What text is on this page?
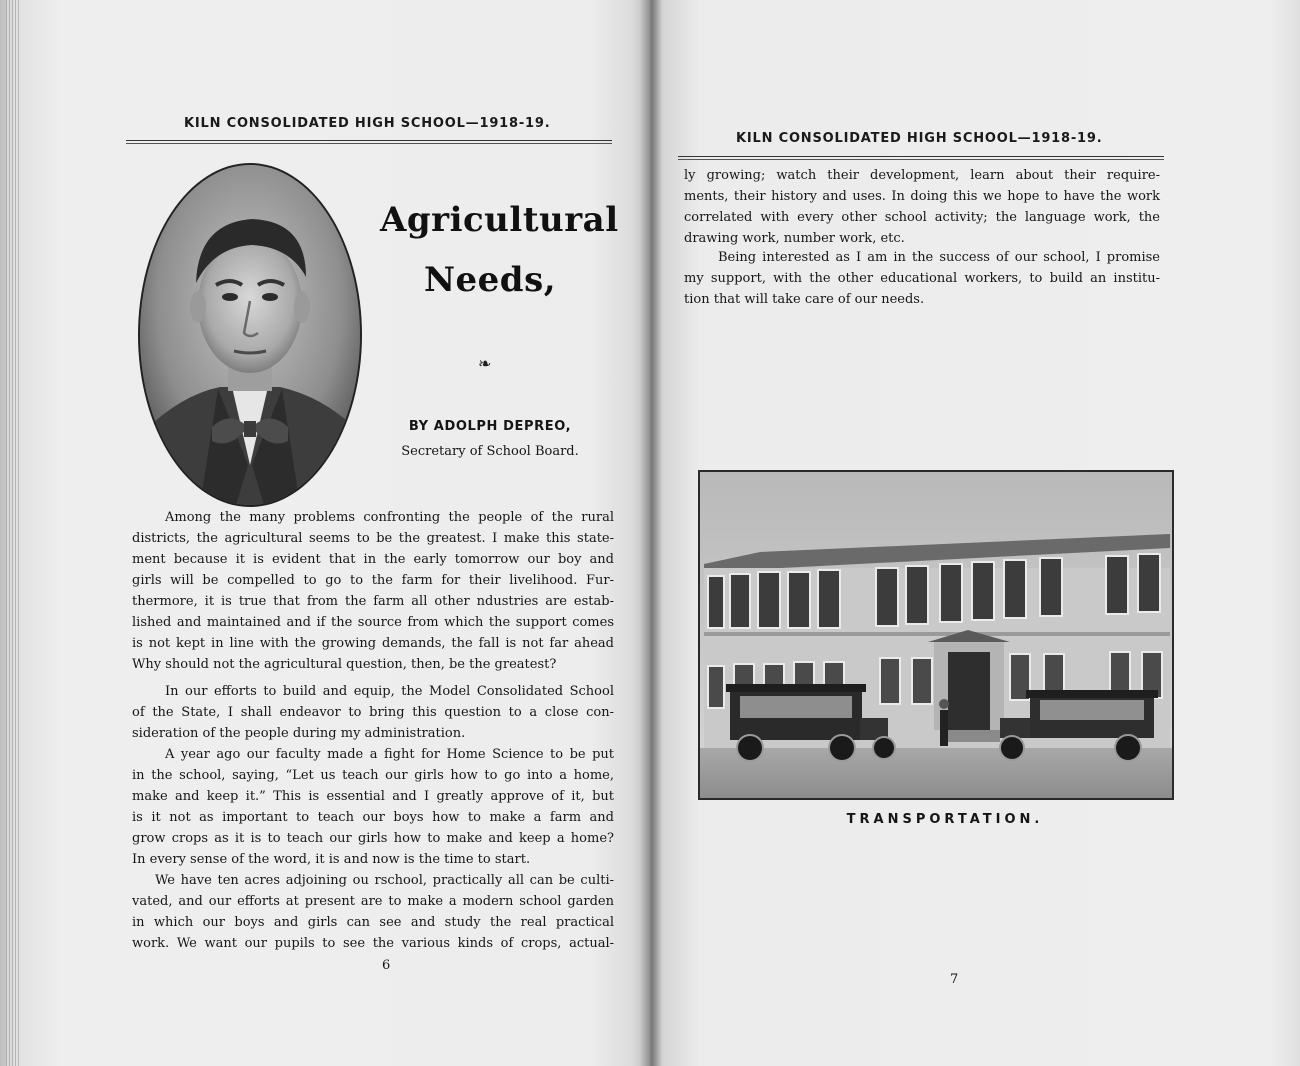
KILN CONSOLIDATED HIGH SCHOOL—1918-19.
Agricultural
Needs,
❧
BY ADOLPH DEPREO,
Secretary of School Board.
Among the many problems confronting the people of the rural
districts, the agricultural seems to be the greatest. I make this state-
ment because it is evident that in the early tomorrow our boy and
girls will be compelled to go to the farm for their livelihood. Fur-
thermore, it is true that from the farm all other ndustries are estab-
lished and maintained and if the source from which the support comes
is not kept in line with the growing demands, the fall is not far ahead
Why should not the agricultural question, then, be the greatest?
In our efforts to build and equip, the Model Consolidated School
of the State, I shall endeavor to bring this question to a close con-
sideration of the people during my administration.
A year ago our faculty made a fight for Home Science to be put
in the school, saying, “Let us teach our girls how to go into a home,
make and keep it.” This is essential and I greatly approve of it, but
is it not as important to teach our boys how to make a farm and
grow crops as it is to teach our girls how to make and keep a home?
In every sense of the word, it is and now is the time to start.
We have ten acres adjoining ou rschool, practically all can be culti-
vated, and our efforts at present are to make a modern school garden
in which our boys and girls can see and study the real practical
work. We want our pupils to see the various kinds of crops, actual-
6
KILN CONSOLIDATED HIGH SCHOOL—1918-19.
ly growing; watch their development, learn about their require-
ments, their history and uses. In doing this we hope to have the work
correlated with every other school activity; the language work, the
drawing work, number work, etc.
Being interested as I am in the success of our school, I promise
my support, with the other educational workers, to build an institu-
tion that will take care of our needs.
TRANSPORTATION.
7
